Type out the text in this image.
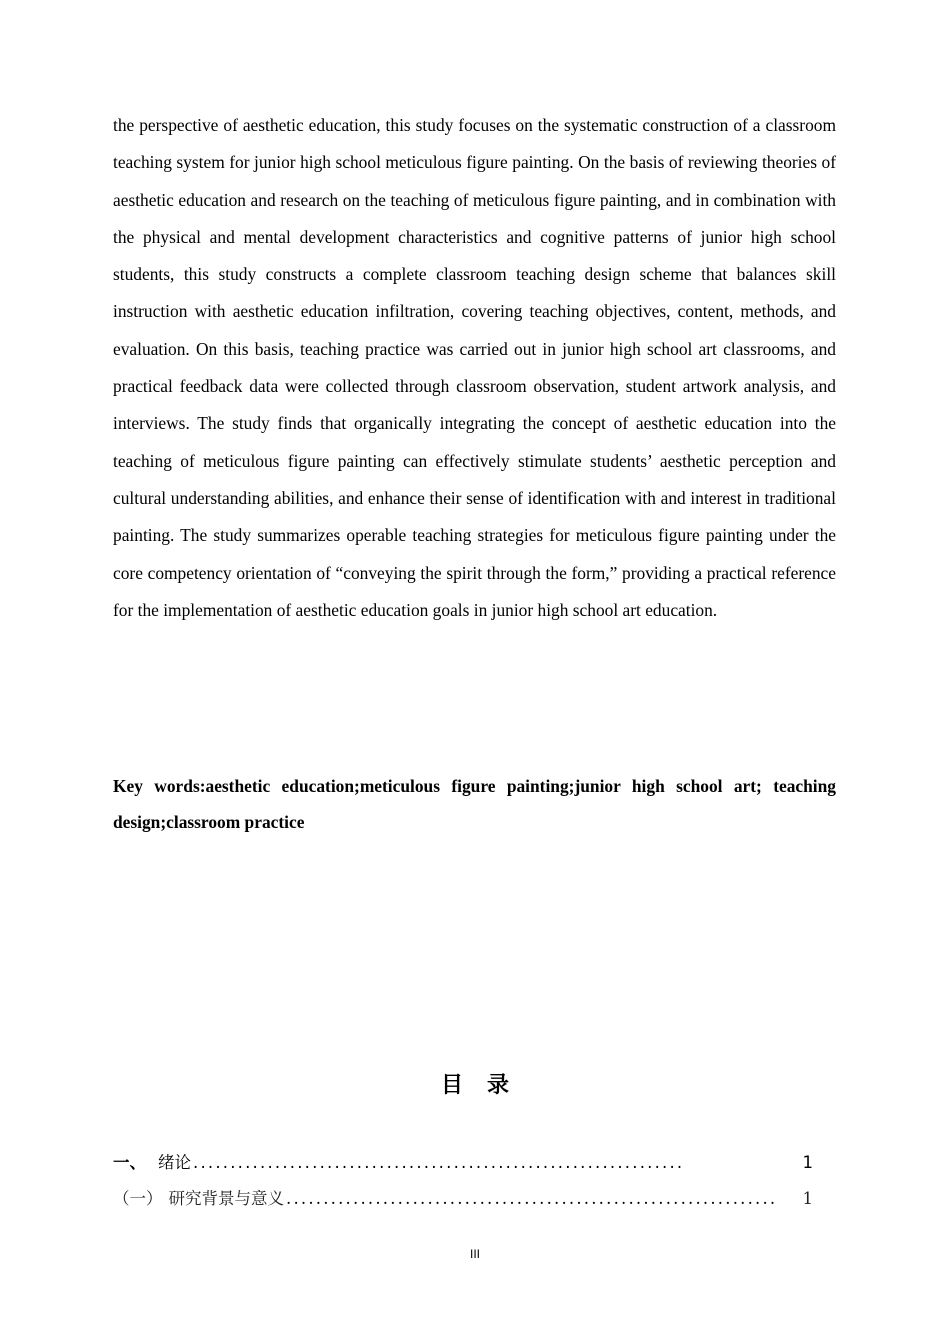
the perspective of aesthetic education, this study focuses on the systematic construction of a classroom teaching system for junior high school meticulous figure painting. On the basis of reviewing theories of aesthetic education and research on the teaching of meticulous figure painting, and in combination with the physical and mental development characteristics and cognitive patterns of junior high school students, this study constructs a complete classroom teaching design scheme that balances skill instruction with aesthetic education infiltration, covering teaching objectives, content, methods, and evaluation. On this basis, teaching practice was carried out in junior high school art classrooms, and practical feedback data were collected through classroom observation, student artwork analysis, and interviews. The study finds that organically integrating the concept of aesthetic education into the teaching of meticulous figure painting can effectively stimulate students’ aesthetic perception and cultural understanding abilities, and enhance their sense of identification with and interest in traditional painting. The study summarizes operable teaching strategies for meticulous figure painting under the core competency orientation of “conveying the spirit through the form,” providing a practical reference for the implementation of aesthetic education goals in junior high school art education.

Key words:aesthetic education;meticulous figure painting;junior high school art; teaching design;classroom practice

目录
一、 绪论 ..................................................................	1
（一） 研究背景与意义 ..................................................................	1
III
